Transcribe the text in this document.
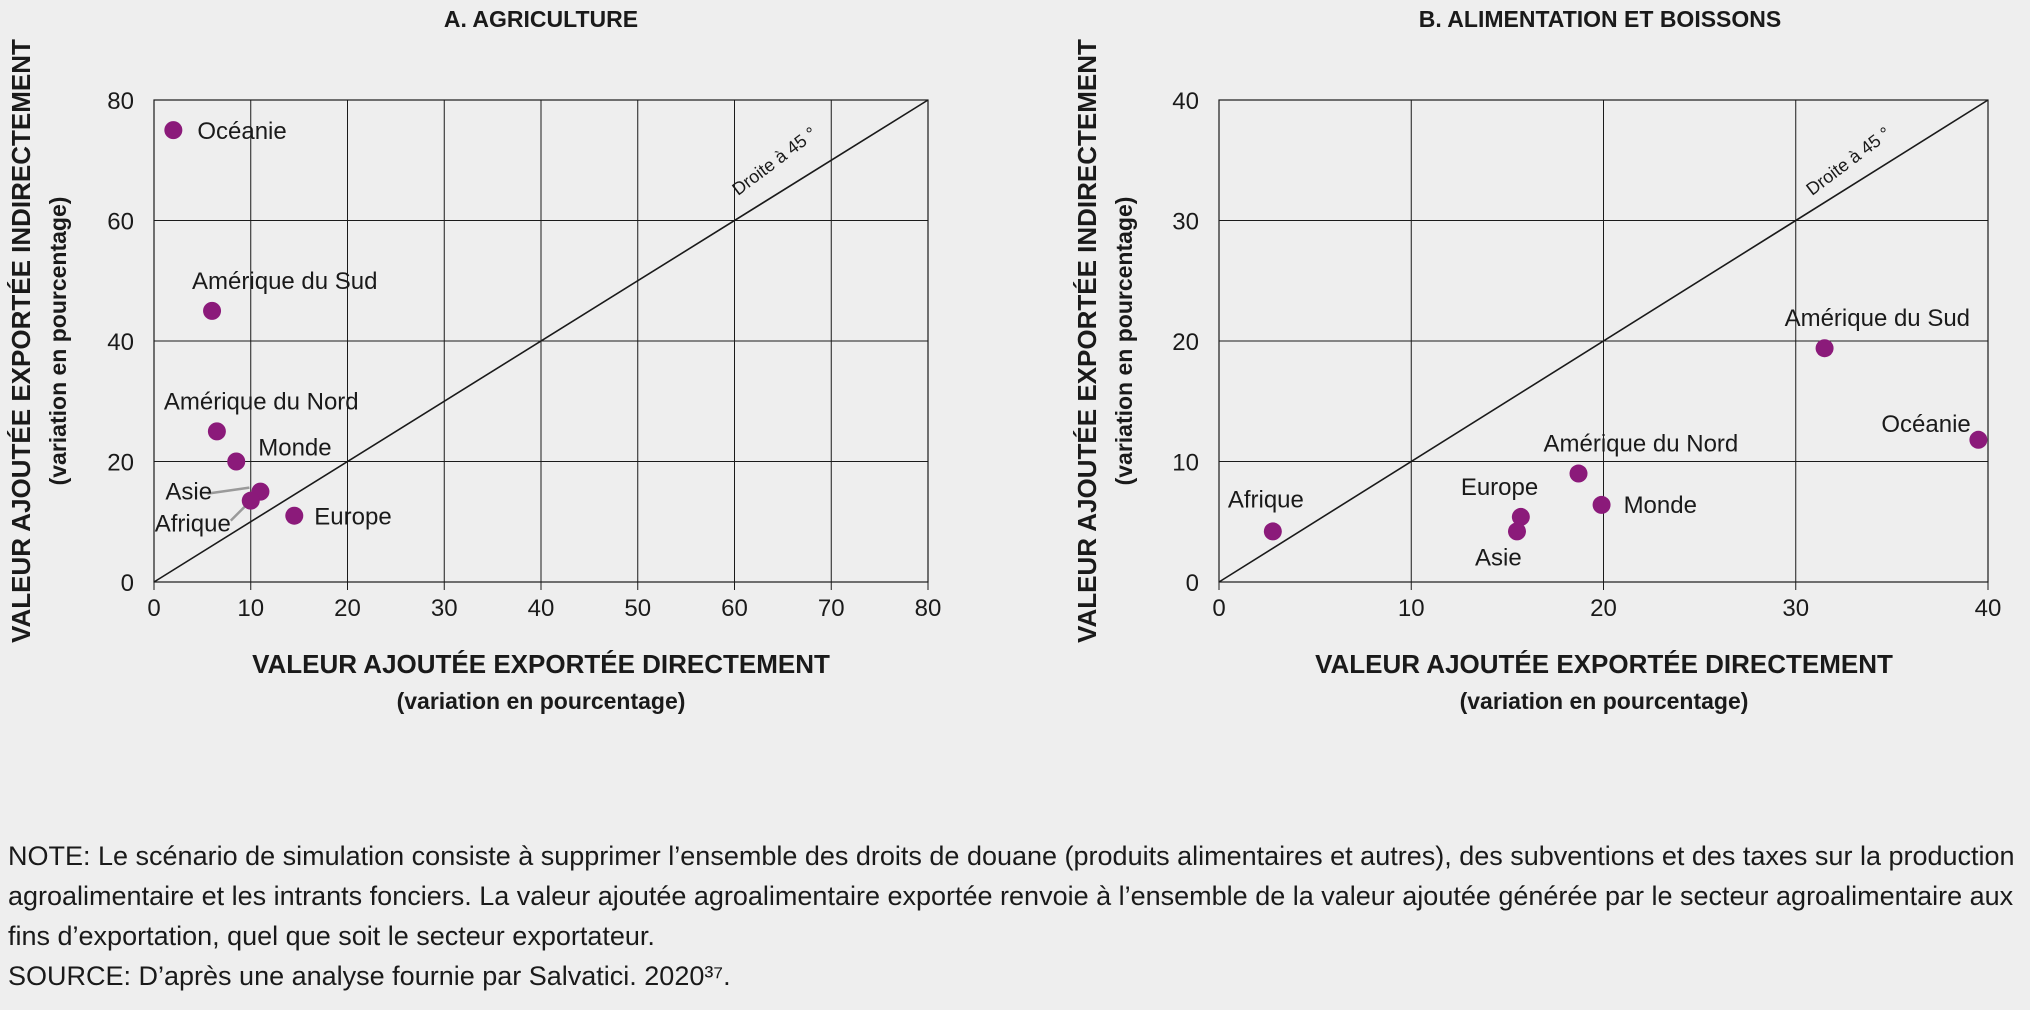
A. AGRICULTURE
0	10	20	30	40	50	60	70	80
0
20
40
60
80
Droite à 45 °
VALEUR AJOUTÉE EXPORTÉE DIRECTEMENT
(variation en pourcentage)
VALEUR AJOUTÉE EXPORTÉE INDIRECTEMENT (variation en pourcentage)
Océanie
Amérique du Sud
Amérique du Nord
Monde
Asie
Afrique	Europe
B. ALIMENTATION ET BOISSONS
0	10	20	30	40
0
10
20
30
40
Droite à 45 °
VALEUR AJOUTÉE EXPORTÉE DIRECTEMENT
(variation en pourcentage)
VALEUR AJOUTÉE EXPORTÉE INDIRECTEMENT (variation en pourcentage)
Afrique	Europe
Asie
Amérique du Nord
Monde
Amérique du Sud
Océanie

NOTE: Le scénario de simulation consiste à supprimer l’ensemble des droits de douane (produits alimentaires et autres), des subventions et des taxes sur la production agroalimentaire et les intrants fonciers. La valeur ajoutée agroalimentaire exportée renvoie à l’ensemble de la valeur ajoutée générée par le secteur agroalimentaire aux fins d’exportation, quel que soit le secteur exportateur.

SOURCE: D’après une analyse fournie par Salvatici. 2020³⁷.
